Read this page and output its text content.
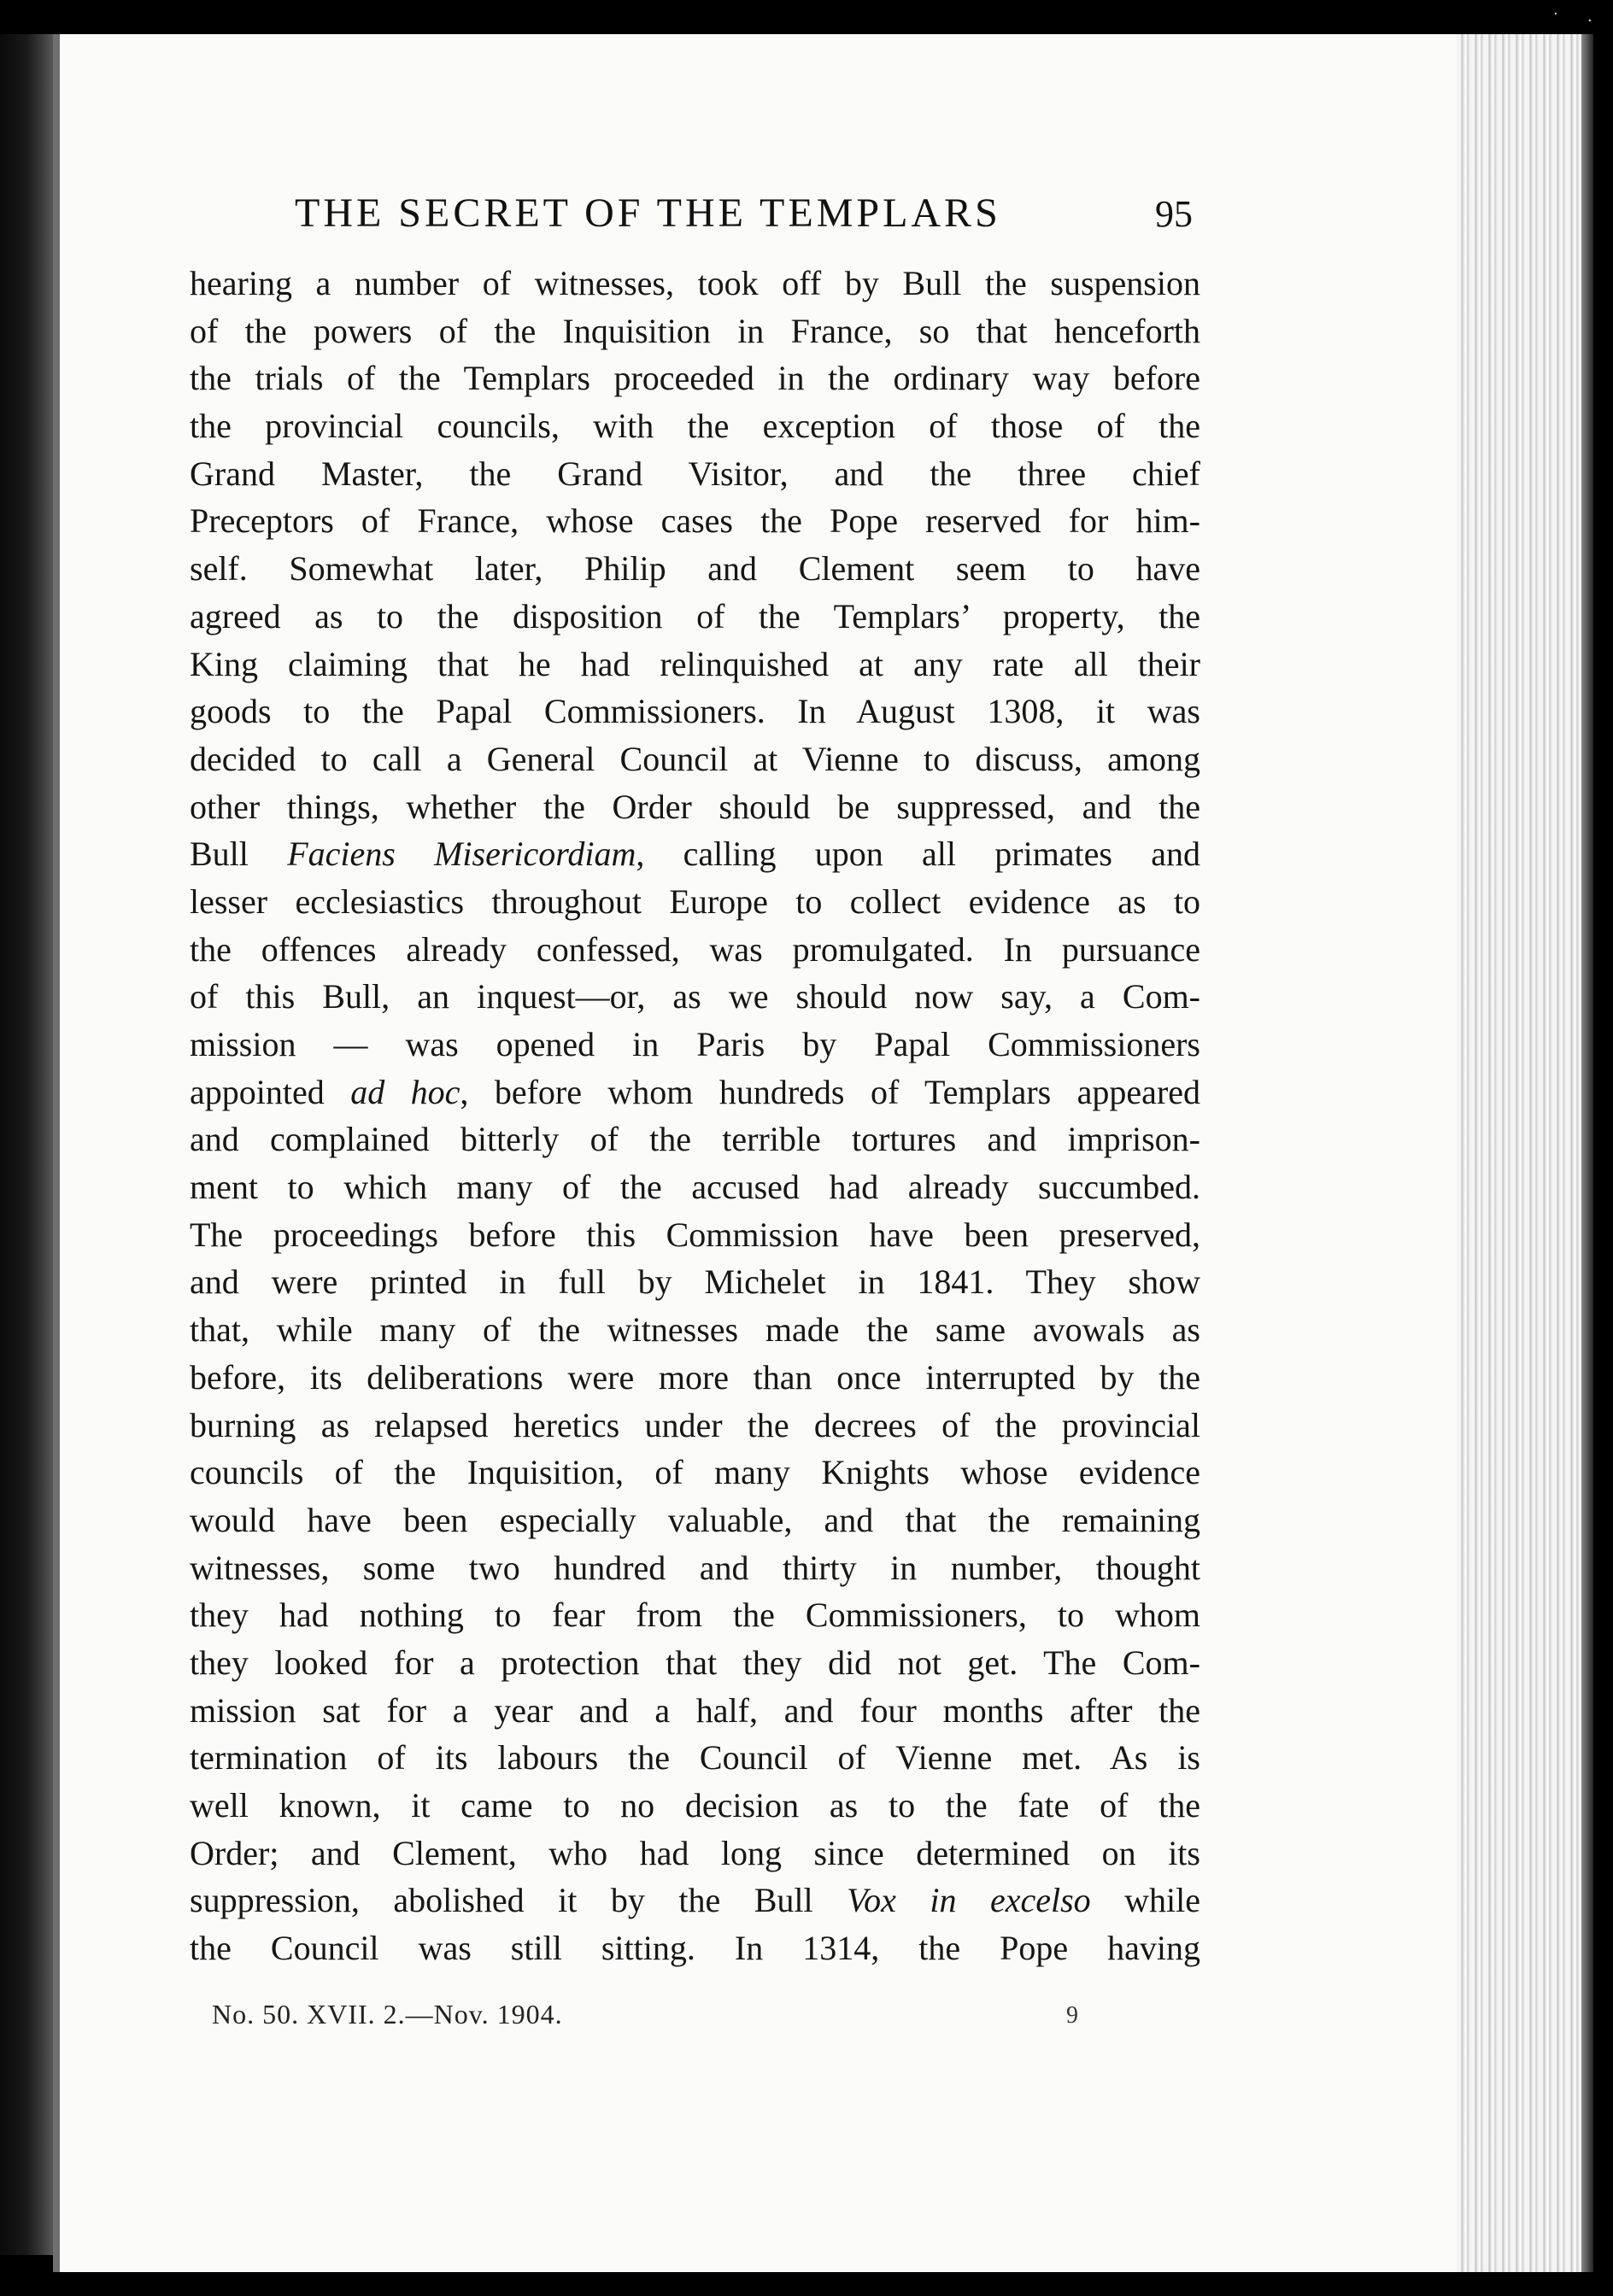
· ·
THE SECRET OF THE TEMPLARS	95
hearing a number of witnesses, took off by Bull the suspension
of the powers of the Inquisition in France, so that henceforth
the trials of the Templars proceeded in the ordinary way before
the provincial councils, with the exception of those of the
Grand Master, the Grand Visitor, and the three chief
Preceptors of France, whose cases the Pope reserved for him-
self. Somewhat later, Philip and Clement seem to have
agreed as to the disposition of the Templars’ property, the
King claiming that he had relinquished at any rate all their
goods to the Papal Commissioners. In August 1308, it was
decided to call a General Council at Vienne to discuss, among
other things, whether the Order should be suppressed, and the
Bull Faciens Misericordiam, calling upon all primates and
lesser ecclesiastics throughout Europe to collect evidence as to
the offences already confessed, was promulgated. In pursuance
of this Bull, an inquest—or, as we should now say, a Com-
mission — was opened in Paris by Papal Commissioners
appointed ad hoc, before whom hundreds of Templars appeared
and complained bitterly of the terrible tortures and imprison-
ment to which many of the accused had already succumbed.
The proceedings before this Commission have been preserved,
and were printed in full by Michelet in 1841. They show
that, while many of the witnesses made the same avowals as
before, its deliberations were more than once interrupted by the
burning as relapsed heretics under the decrees of the provincial
councils of the Inquisition, of many Knights whose evidence
would have been especially valuable, and that the remaining
witnesses, some two hundred and thirty in number, thought
they had nothing to fear from the Commissioners, to whom
they looked for a protection that they did not get. The Com-
mission sat for a year and a half, and four months after the
termination of its labours the Council of Vienne met. As is
well known, it came to no decision as to the fate of the
Order; and Clement, who had long since determined on its
suppression, abolished it by the Bull Vox in excelso while
the Council was still sitting. In 1314, the Pope having
No. 50. XVII. 2.—Nov. 1904.	9
